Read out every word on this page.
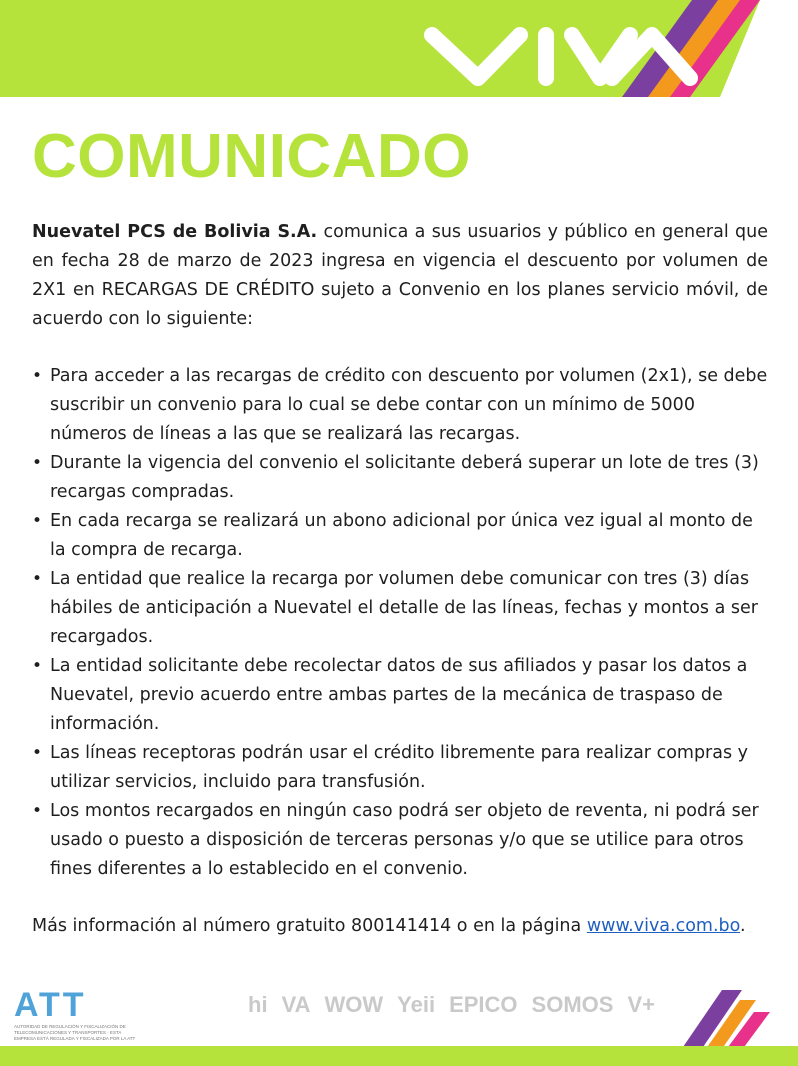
COMUNICADO

Nuevatel PCS de Bolivia S.A. comunica a sus usuarios y público en general que en fecha 28 de marzo de 2023 ingresa en vigencia el descuento por volumen de 2X1 en RECARGAS DE CRÉDITO sujeto a Convenio en los planes servicio móvil, de acuerdo con lo siguiente:

• Para acceder a las recargas de crédito con descuento por volumen (2x1), se debe suscribir un convenio para lo cual se debe contar con un mínimo de 5000 números de líneas a las que se realizará las recargas.
• Durante la vigencia del convenio el solicitante deberá superar un lote de tres (3) recargas compradas.
• En cada recarga se realizará un abono adicional por única vez igual al monto de la compra de recarga.
• La entidad que realice la recarga por volumen debe comunicar con tres (3) días hábiles de anticipación a Nuevatel el detalle de las líneas, fechas y montos a ser recargados.
• La entidad solicitante debe recolectar datos de sus afiliados y pasar los datos a Nuevatel, previo acuerdo entre ambas partes de la mecánica de traspaso de información.
• Las líneas receptoras podrán usar el crédito libremente para realizar compras y utilizar servicios, incluido para transfusión.
• Los montos recargados en ningún caso podrá ser objeto de reventa, ni podrá ser usado o puesto a disposición de terceras personas y/o que se utilice para otros fines diferentes a lo establecido en el convenio.

Más información al número gratuito 800141414 o en la página www.viva.com.bo.

ATT
AUTORIDAD DE REGULACIÓN Y FISCALIZACIÓN DE TELECOMUNICACIONES Y TRANSPORTES · ESTA EMPRESA ESTÁ REGULADA Y FISCALIZADA POR LA ATT
hi VA WOW Yeii EPICO SOMOS V+
